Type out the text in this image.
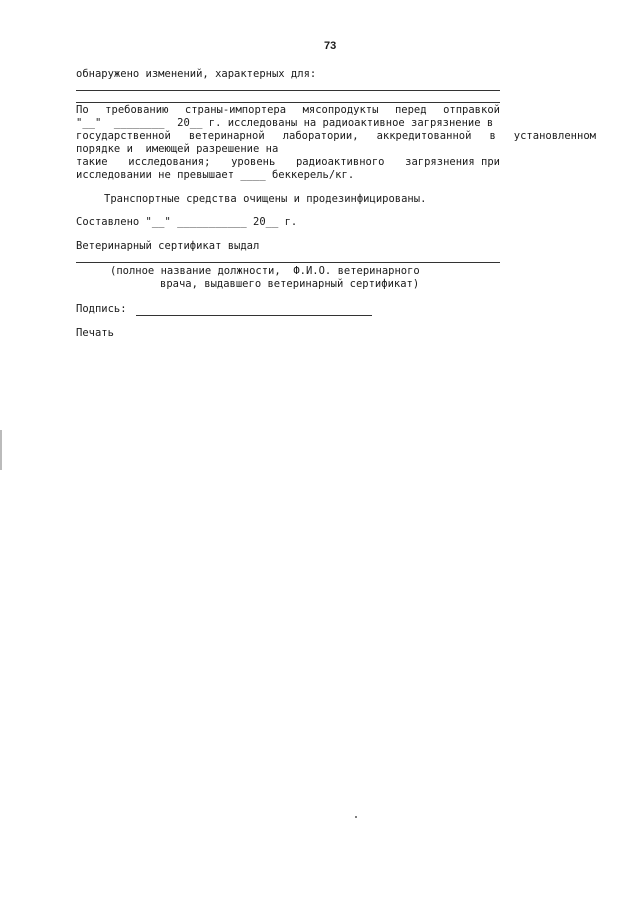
73
обнаружено изменений, характерных для:
По требованию страны-импортера мясопродукты перед отправкой
"__"  ________  20__ г. исследованы на радиоактивное загрязнение в
государственной ветеринарной лаборатории, аккредитованной в установленном
порядке и  имеющей разрешение на
такие исследования; уровень радиоактивного загрязнения при
исследовании не превышает ____ беккерель/кг.
Транспортные средства очищены и продезинфицированы.
Составлено "__" ___________ 20__ г.
Ветеринарный сертификат выдал
(полное название должности,  Ф.И.О. ветеринарного
врача, выдавшего ветеринарный сертификат)
Подпись:
Печать
